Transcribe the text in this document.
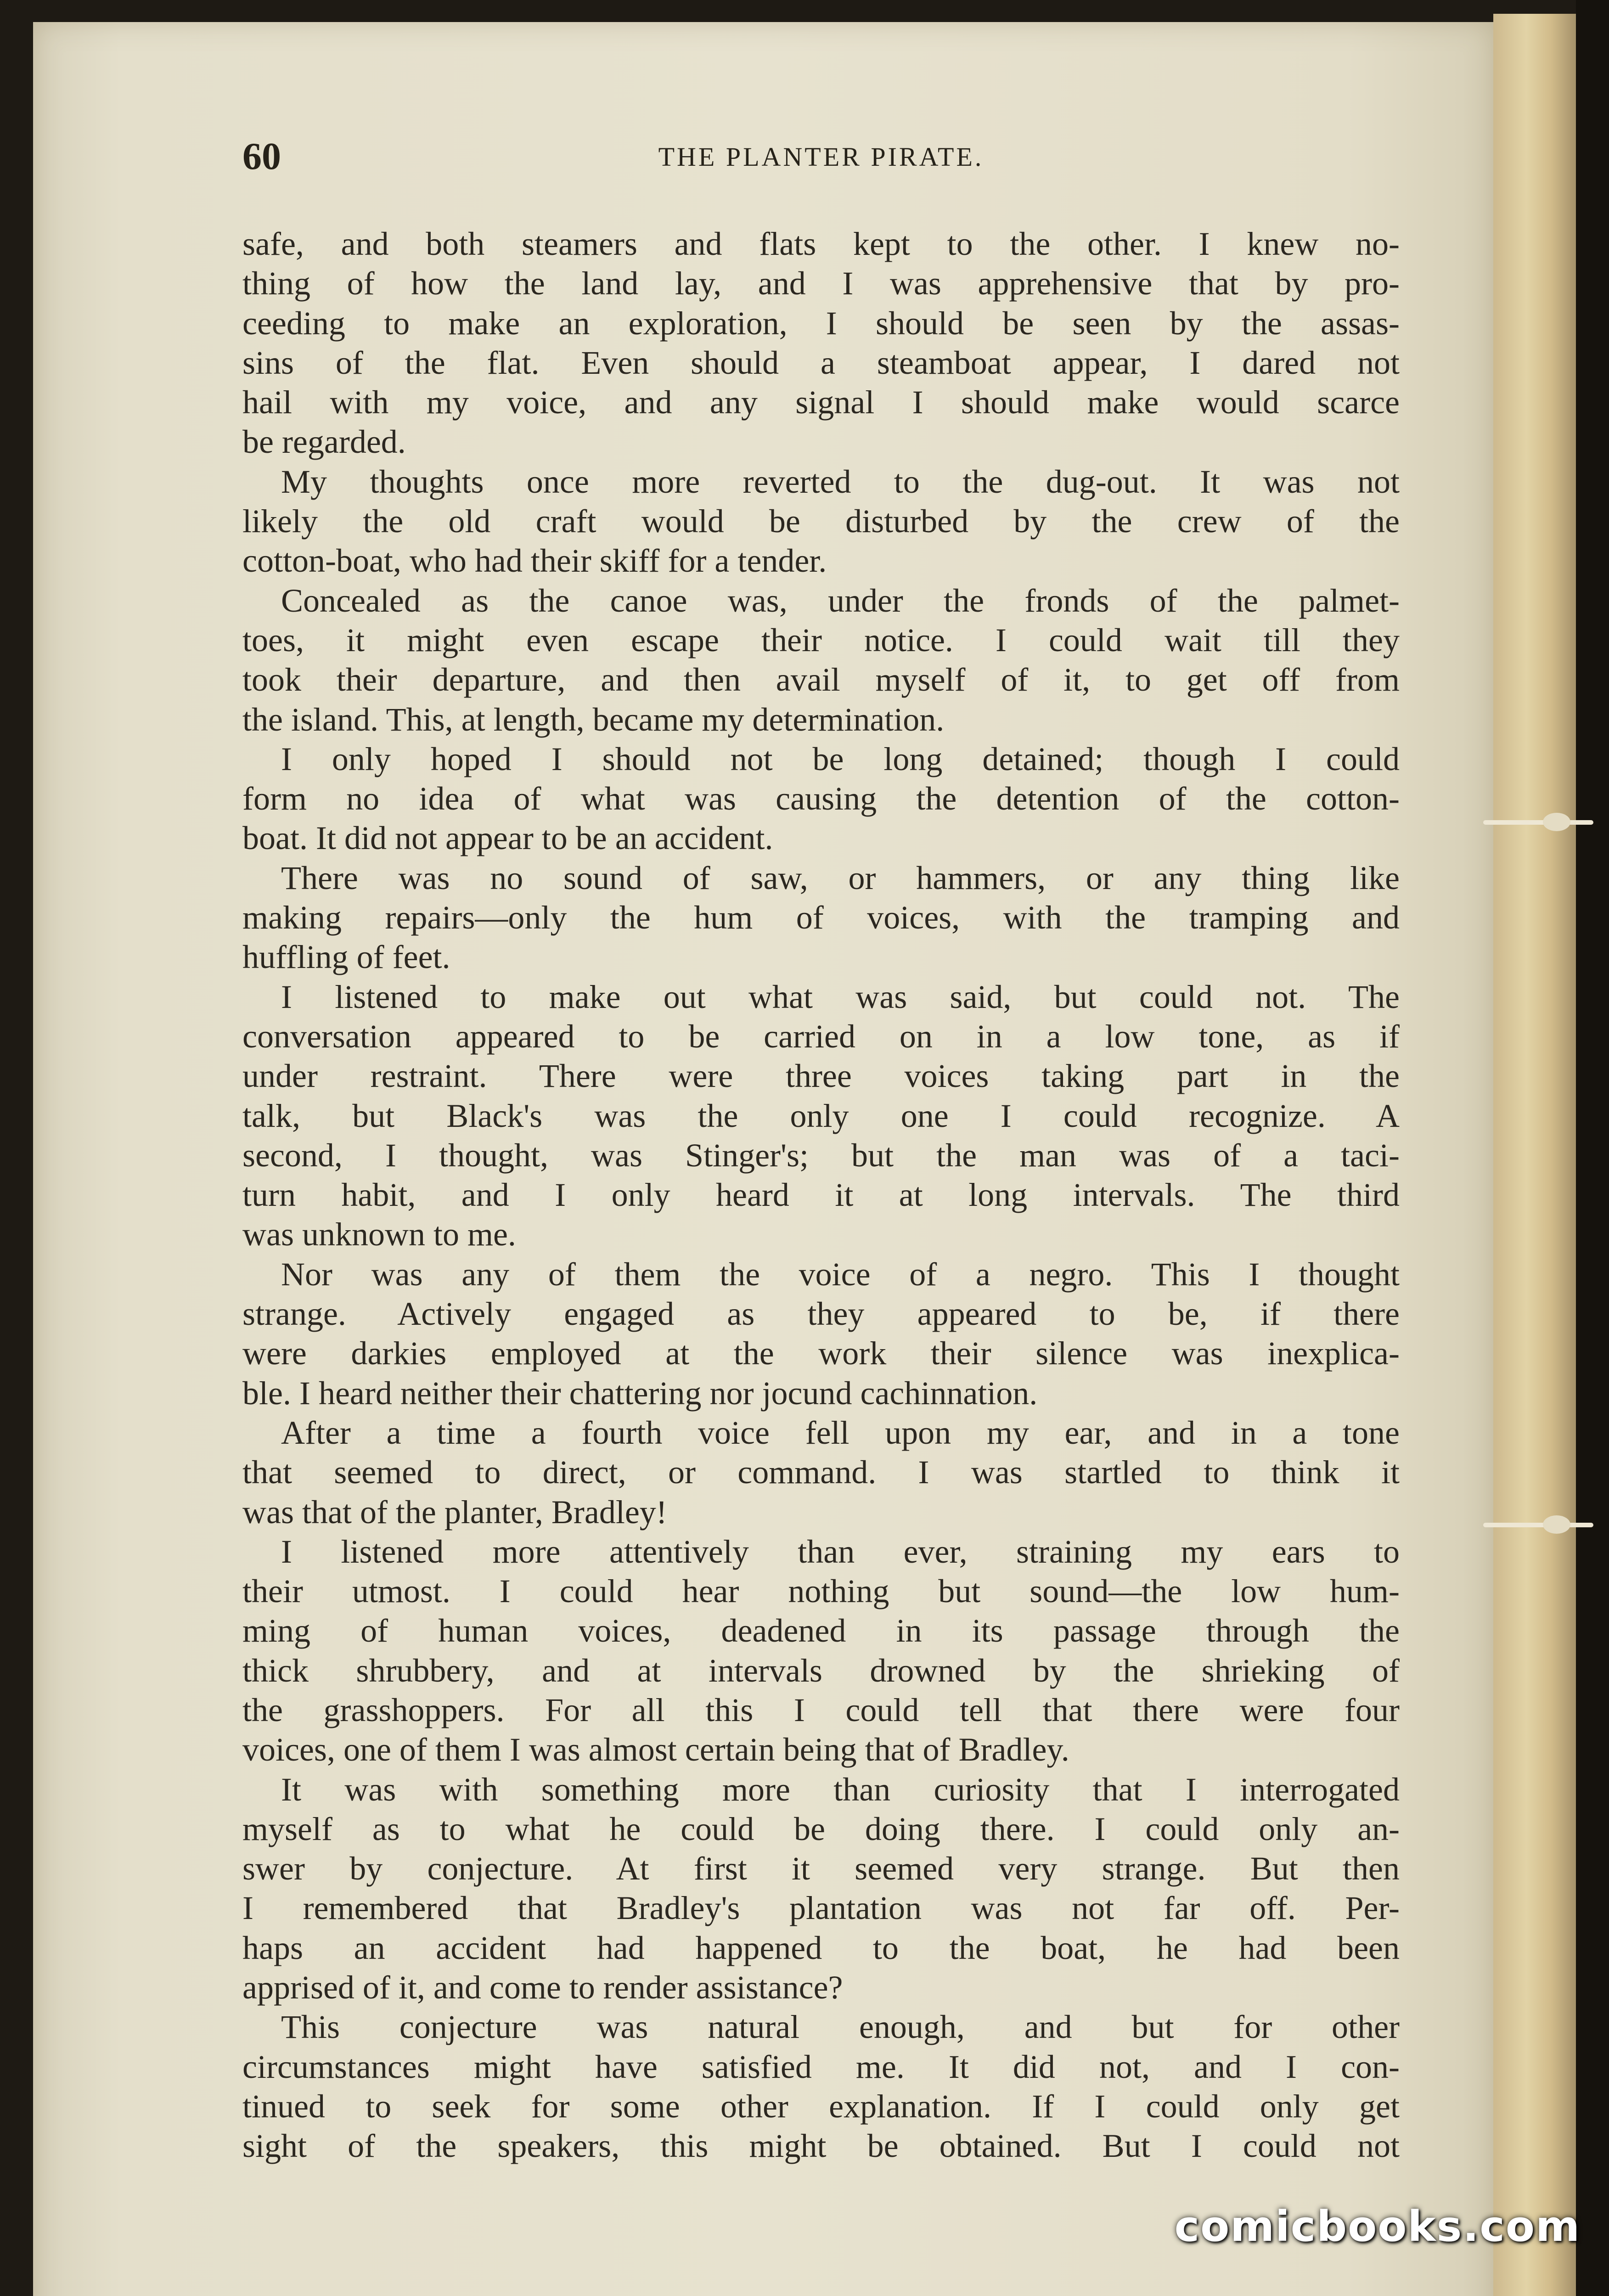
60	THE PLANTER PIRATE.
safe, and both steamers and flats kept to the other. I knew no-
thing of how the land lay, and I was apprehensive that by pro-
ceeding to make an exploration, I should be seen by the assas-
sins of the flat. Even should a steamboat appear, I dared not
hail with my voice, and any signal I should make would scarce
be regarded.
My thoughts once more reverted to the dug-out. It was not
likely the old craft would be disturbed by the crew of the
cotton-boat, who had their skiff for a tender.
Concealed as the canoe was, under the fronds of the palmet-
toes, it might even escape their notice. I could wait till they
took their departure, and then avail myself of it, to get off from
the island. This, at length, became my determination.
I only hoped I should not be long detained; though I could
form no idea of what was causing the detention of the cotton-
boat. It did not appear to be an accident.
There was no sound of saw, or hammers, or any thing like
making repairs—only the hum of voices, with the tramping and
huffling of feet.
I listened to make out what was said, but could not. The
conversation appeared to be carried on in a low tone, as if
under restraint. There were three voices taking part in the
talk, but Black's was the only one I could recognize. A
second, I thought, was Stinger's; but the man was of a taci-
turn habit, and I only heard it at long intervals. The third
was unknown to me.
Nor was any of them the voice of a negro. This I thought
strange. Actively engaged as they appeared to be, if there
were darkies employed at the work their silence was inexplica-
ble. I heard neither their chattering nor jocund cachinnation.
After a time a fourth voice fell upon my ear, and in a tone
that seemed to direct, or command. I was startled to think it
was that of the planter, Bradley!
I listened more attentively than ever, straining my ears to
their utmost. I could hear nothing but sound—the low hum-
ming of human voices, deadened in its passage through the
thick shrubbery, and at intervals drowned by the shrieking of
the grasshoppers. For all this I could tell that there were four
voices, one of them I was almost certain being that of Bradley.
It was with something more than curiosity that I interrogated
myself as to what he could be doing there. I could only an-
swer by conjecture. At first it seemed very strange. But then
I remembered that Bradley's plantation was not far off. Per-
haps an accident had happened to the boat, he had been
apprised of it, and come to render assistance?
This conjecture was natural enough, and but for other
circumstances might have satisfied me. It did not, and I con-
tinued to seek for some other explanation. If I could only get
sight of the speakers, this might be obtained. But I could not
comicbooks.com
